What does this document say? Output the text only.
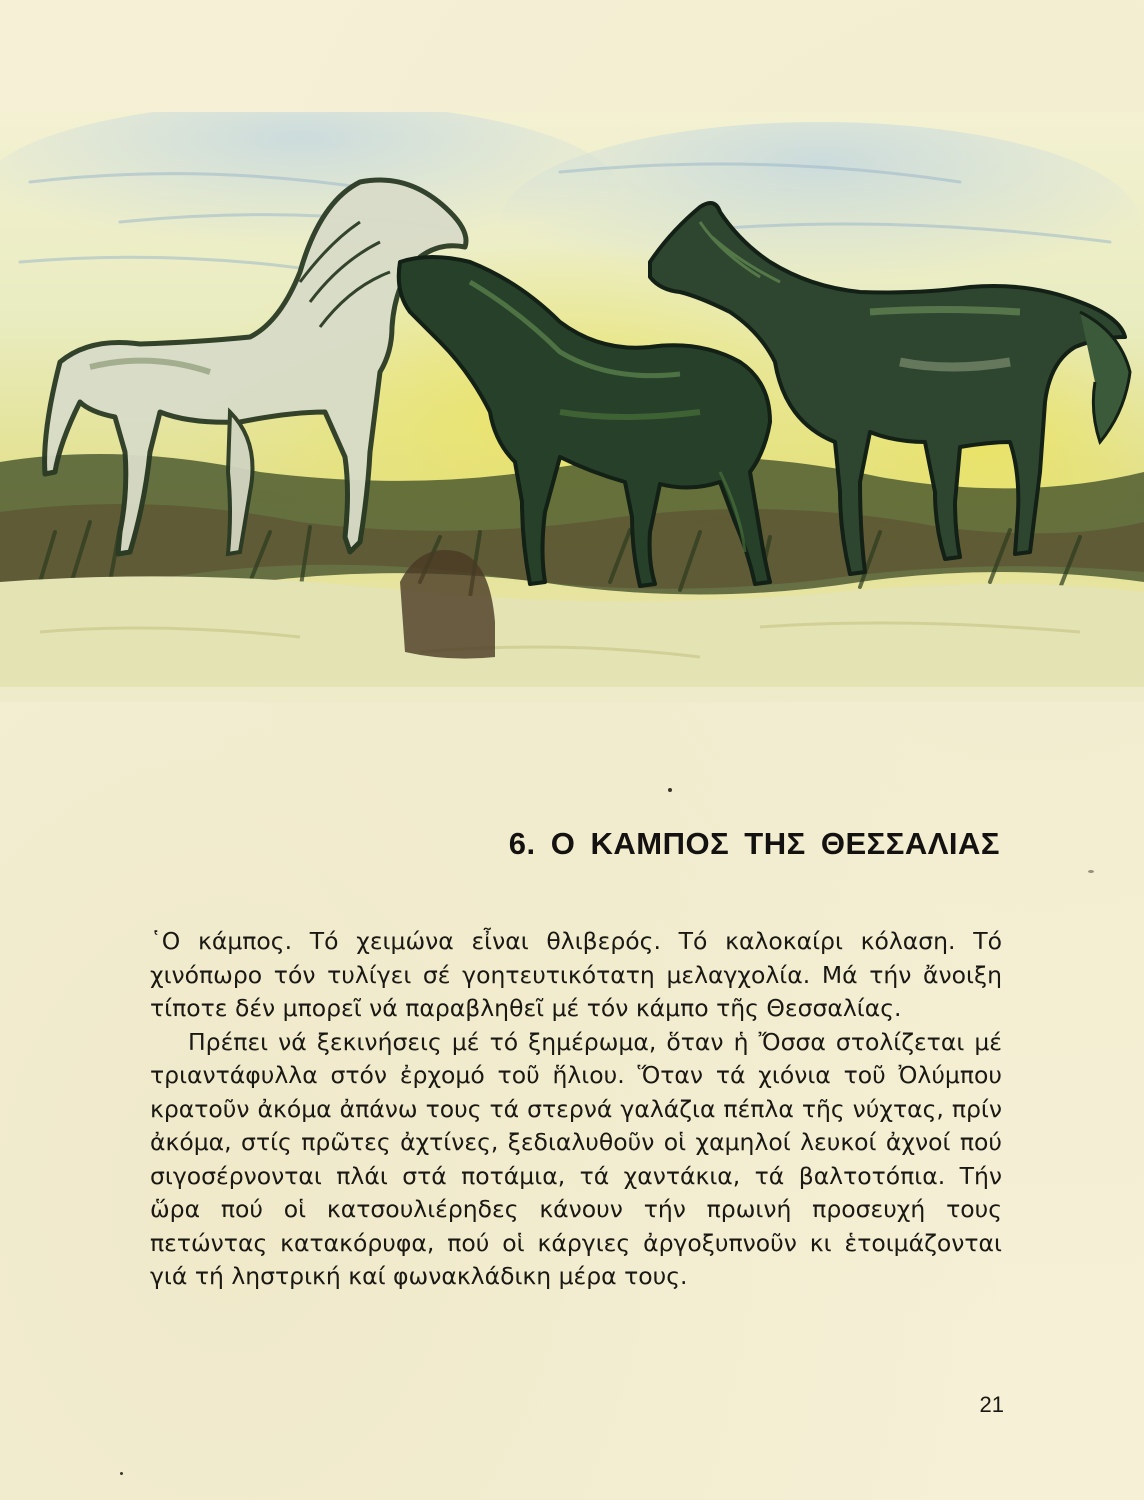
6. Ο ΚΑΜΠΟΣ ΤΗΣ ΘΕΣΣΑΛΙΑΣ

῾Ο κάμπος. Τό χειμώνα εἶναι θλιβερός. Τό καλοκαίρι κόλαση. Τό χινόπωρο τόν τυλίγει σέ γοητευτικότατη μελαγχολία. Μά τήν ἄνοιξη τίποτε δέν μπορεῖ νά παραβληθεῖ μέ τόν κάμπο τῆς Θεσσαλίας.

Πρέπει νά ξεκινήσεις μέ τό ξημέρωμα, ὅταν ἡ Ὄσσα στολίζεται μέ τριαντάφυλλα στόν ἐρχομό τοῦ ἥλιου. Ὅταν τά χιόνια τοῦ Ὀλύμπου κρατοῦν ἀκόμα ἀπάνω τους τά στερνά γαλάζια πέπλα τῆς νύχτας, πρίν ἀκόμα, στίς πρῶτες ἀχτίνες, ξεδιαλυθοῦν οἱ χαμηλοί λευκοί ἀχνοί πού σιγοσέρνονται πλάι στά ποτάμια, τά χαντάκια, τά βαλτοτόπια. Τήν ὥρα πού οἱ κατσουλιέρηδες κάνουν τήν πρωινή προσευχή τους πετώντας κατακόρυφα, πού οἱ κάργιες ἀργοξυπνοῦν κι ἑτοιμάζονται γιά τή ληστρική καί φωνακλάδικη μέρα τους.

21
